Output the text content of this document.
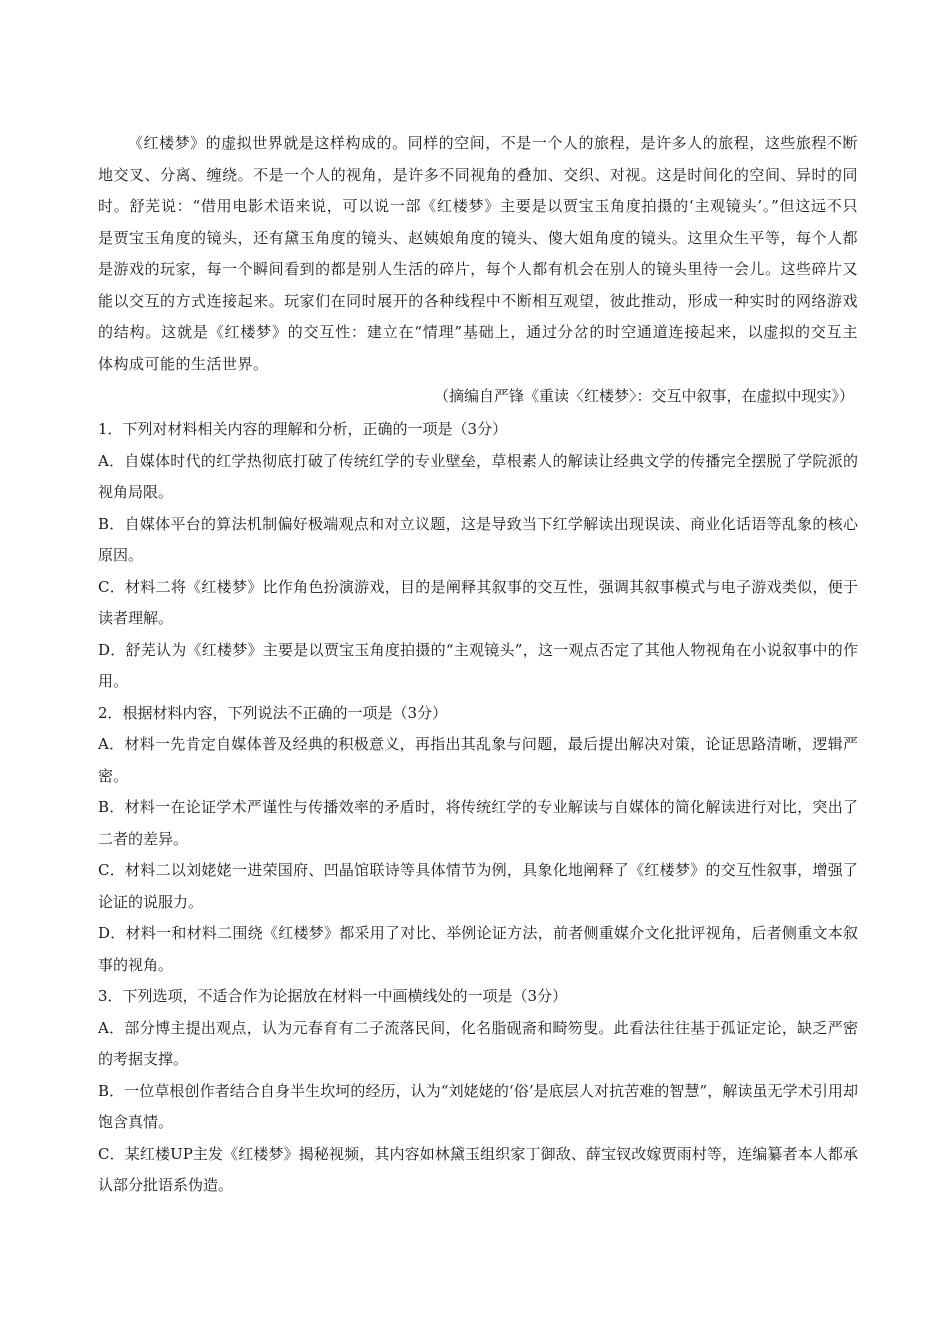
《红楼梦》的虚拟世界就是这样构成的。同样的空间，不是一个人的旅程，是许多人的旅程，这些旅程不断地交叉、分离、缠绕。不是一个人的视角，是许多不同视角的叠加、交织、对视。这是时间化的空间、异时的同时。舒芜说：“借用电影术语来说，可以说一部《红楼梦》主要是以贾宝玉角度拍摄的‘主观镜头’。”但这远不只是贾宝玉角度的镜头，还有黛玉角度的镜头、赵姨娘角度的镜头、傻大姐角度的镜头。这里众生平等，每个人都是游戏的玩家，每一个瞬间看到的都是别人生活的碎片，每个人都有机会在别人的镜头里待一会儿。这些碎片又能以交互的方式连接起来。玩家们在同时展开的各种线程中不断相互观望，彼此推动，形成一种实时的网络游戏的结构。这就是《红楼梦》的交互性：建立在“情理”基础上，通过分岔的时空通道连接起来，以虚拟的交互主体构成可能的生活世界。

（摘编自严锋《重读〈红楼梦〉：交互中叙事，在虚拟中现实》）

1．下列对材料相关内容的理解和分析，正确的一项是（3分）

A．自媒体时代的红学热彻底打破了传统红学的专业壁垒，草根素人的解读让经典文学的传播完全摆脱了学院派的视角局限。

B．自媒体平台的算法机制偏好极端观点和对立议题，这是导致当下红学解读出现误读、商业化话语等乱象的核心原因。

C．材料二将《红楼梦》比作角色扮演游戏，目的是阐释其叙事的交互性，强调其叙事模式与电子游戏类似，便于读者理解。

D．舒芜认为《红楼梦》主要是以贾宝玉角度拍摄的“主观镜头”，这一观点否定了其他人物视角在小说叙事中的作用。

2．根据材料内容，下列说法不正确的一项是（3分）

A．材料一先肯定自媒体普及经典的积极意义，再指出其乱象与问题，最后提出解决对策，论证思路清晰，逻辑严密。

B．材料一在论证学术严谨性与传播效率的矛盾时，将传统红学的专业解读与自媒体的简化解读进行对比，突出了二者的差异。

C．材料二以刘姥姥一进荣国府、凹晶馆联诗等具体情节为例，具象化地阐释了《红楼梦》的交互性叙事，增强了论证的说服力。

D．材料一和材料二围绕《红楼梦》都采用了对比、举例论证方法，前者侧重媒介文化批评视角，后者侧重文本叙事的视角。

3．下列选项，不适合作为论据放在材料一中画横线处的一项是（3分）

A．部分博主提出观点，认为元春育有二子流落民间，化名脂砚斋和畸笏叟。此看法往往基于孤证定论，缺乏严密的考据支撑。

B．一位草根创作者结合自身半生坎坷的经历，认为“刘姥姥的‘俗’是底层人对抗苦难的智慧”，解读虽无学术引用却饱含真情。

C．某红楼UP主发《红楼梦》揭秘视频，其内容如林黛玉组织家丁御敌、薛宝钗改嫁贾雨村等，连编纂者本人都承认部分批语系伪造。
